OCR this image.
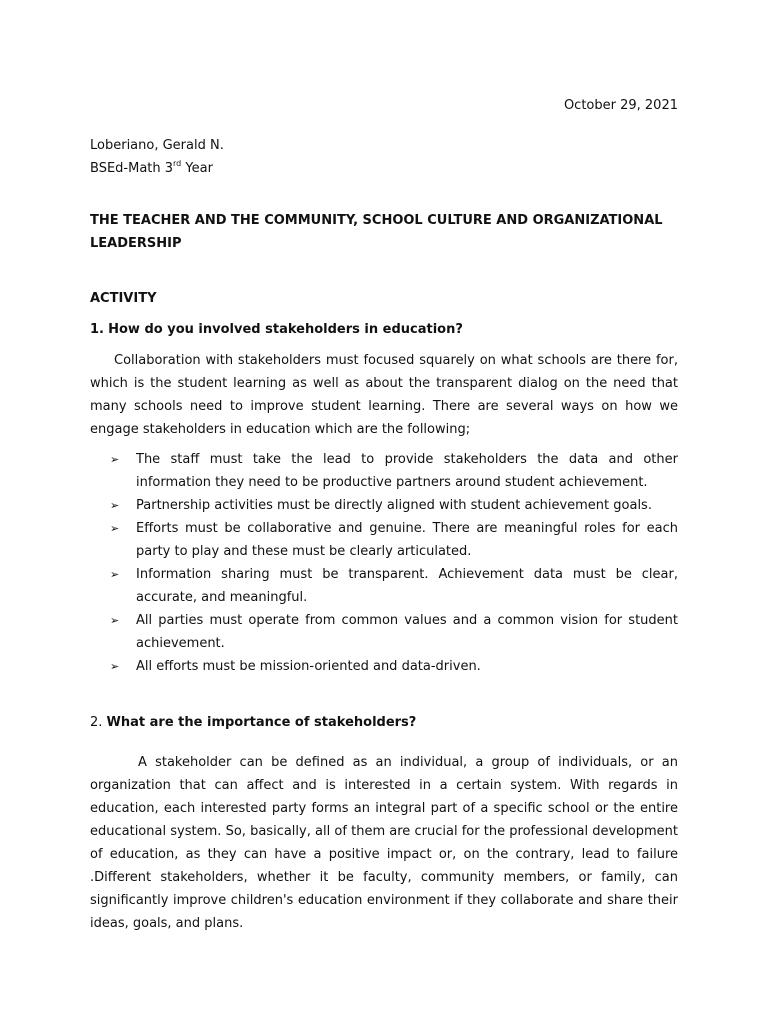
October 29, 2021

Loberiano, Gerald N.

BSEd-Math 3rd Year

THE TEACHER AND THE COMMUNITY, SCHOOL CULTURE AND ORGANIZATIONAL LEADERSHIP

ACTIVITY

1. How do you involved stakeholders in education?

Collaboration with stakeholders must focused squarely on what schools are there for, which is the student learning as well as about the transparent dialog on the need that many schools need to improve student learning. There are several ways on how we engage stakeholders in education which are the following;

➢ The staff must take the lead to provide stakeholders the data and other information they need to be productive partners around student achievement.
➢ Partnership activities must be directly aligned with student achievement goals.
➢ Efforts must be collaborative and genuine. There are meaningful roles for each party to play and these must be clearly articulated.
➢ Information sharing must be transparent. Achievement data must be clear, accurate, and meaningful.
➢ All parties must operate from common values and a common vision for student achievement.
➢ All efforts must be mission-oriented and data-driven.

2. What are the importance of stakeholders?

A stakeholder can be defined as an individual, a group of individuals, or an organization that can affect and is interested in a certain system. With regards in education, each interested party forms an integral part of a specific school or the entire educational system. So, basically, all of them are crucial for the professional development of education, as they can have a positive impact or, on the contrary, lead to failure .Different stakeholders, whether it be faculty, community members, or family, can significantly improve children's education environment if they collaborate and share their ideas, goals, and plans.
